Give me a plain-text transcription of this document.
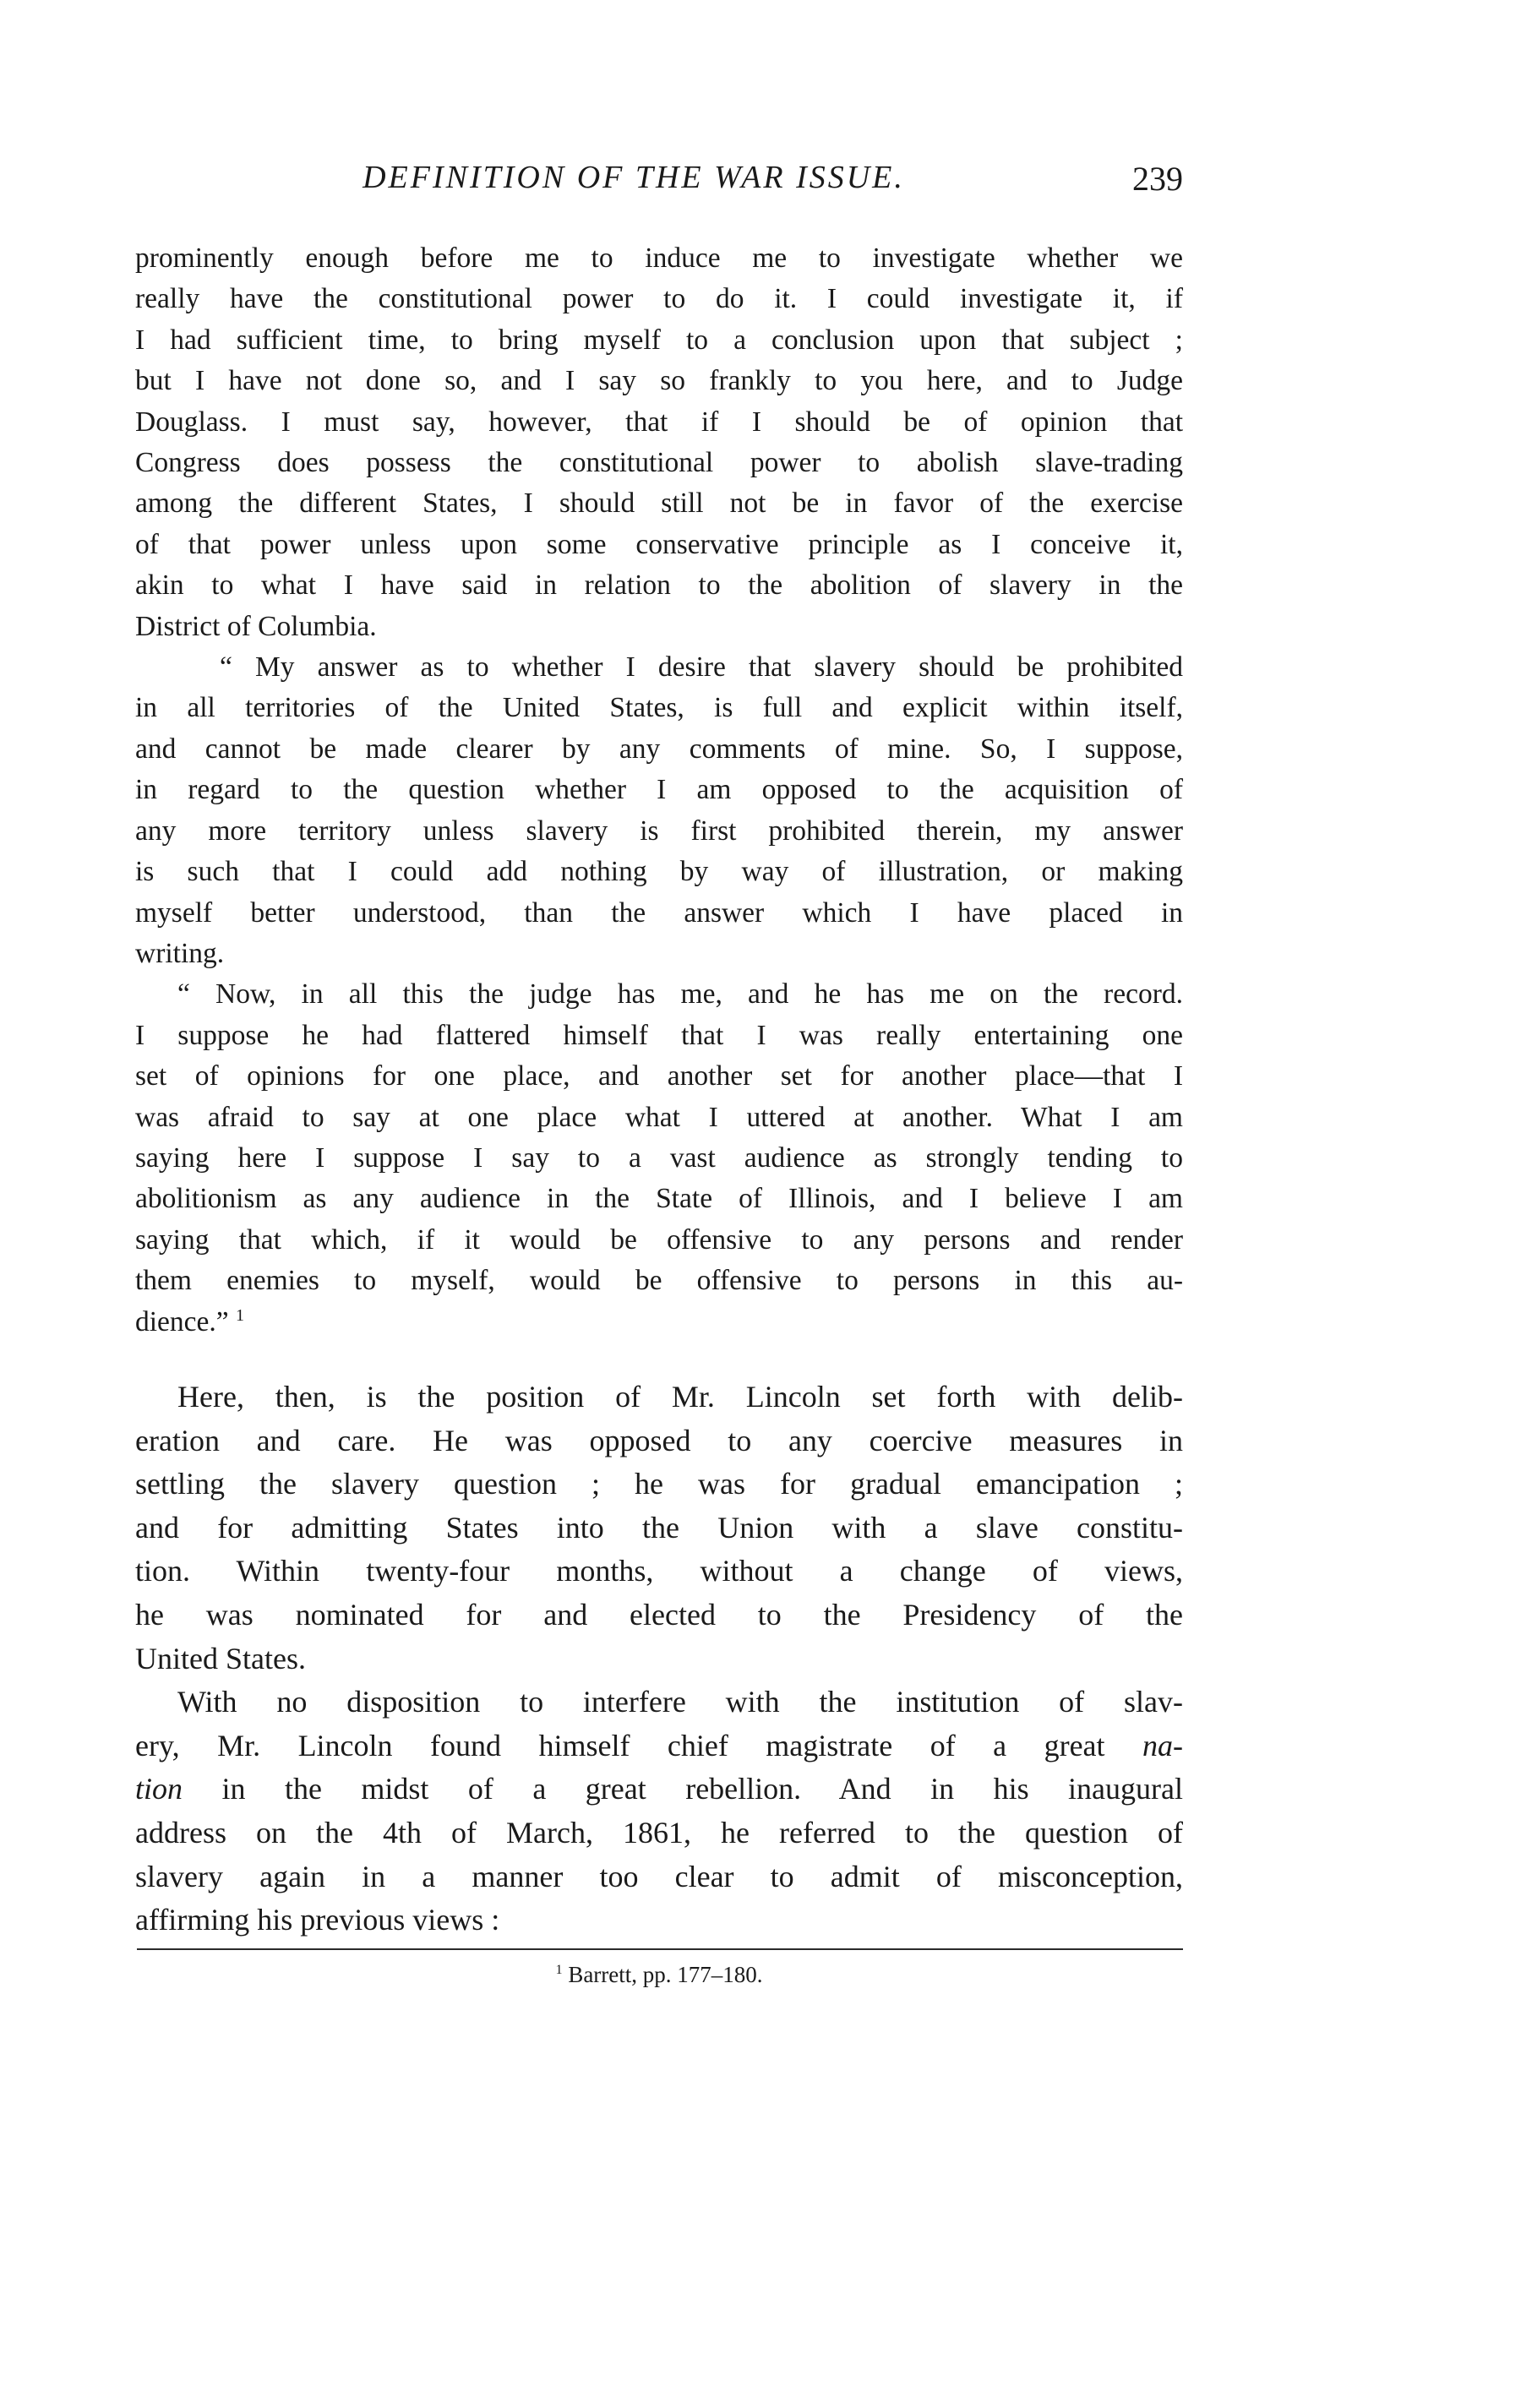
DEFINITION OF THE WAR ISSUE.	239

prominently enough before me to induce me to investigate whether we
really have the constitutional power to do it. I could investigate it, if
I had sufficient time, to bring myself to a conclusion upon that subject ;
but I have not done so, and I say so frankly to you here, and to Judge
Douglass. I must say, however, that if I should be of opinion that
Congress does possess the constitutional power to abolish slave-trading
among the different States, I should still not be in favor of the exercise
of that power unless upon some conservative principle as I conceive it,
akin to what I have said in relation to the abolition of slavery in the
District of Columbia.

“ My answer as to whether I desire that slavery should be prohibited
in all territories of the United States, is full and explicit within itself,
and cannot be made clearer by any comments of mine. So, I suppose,
in regard to the question whether I am opposed to the acquisition of
any more territory unless slavery is first prohibited therein, my answer
is such that I could add nothing by way of illustration, or making
myself better understood, than the answer which I have placed in
writing.

“ Now, in all this the judge has me, and he has me on the record.
I suppose he had flattered himself that I was really entertaining one
set of opinions for one place, and another set for another place—that I
was afraid to say at one place what I uttered at another. What I am
saying here I suppose I say to a vast audience as strongly tending to
abolitionism as any audience in the State of Illinois, and I believe I am
saying that which, if it would be offensive to any persons and render
them enemies to myself, would be offensive to persons in this au-
dience.” $^1$

Here, then, is the position of Mr. Lincoln set forth with delib-
eration and care. He was opposed to any coercive measures in
settling the slavery question ; he was for gradual emancipation ;
and for admitting States into the Union with a slave constitu-
tion. Within twenty-four months, without a change of views,
he was nominated for and elected to the Presidency of the
United States.

With no disposition to interfere with the institution of slav-
ery, Mr. Lincoln found himself chief magistrate of a great na-
tion in the midst of a great rebellion. And in his inaugural
address on the 4th of March, 1861, he referred to the question of
slavery again in a manner too clear to admit of misconception,
affirming his previous views :

$^1$ Barrett, pp. 177–180.
